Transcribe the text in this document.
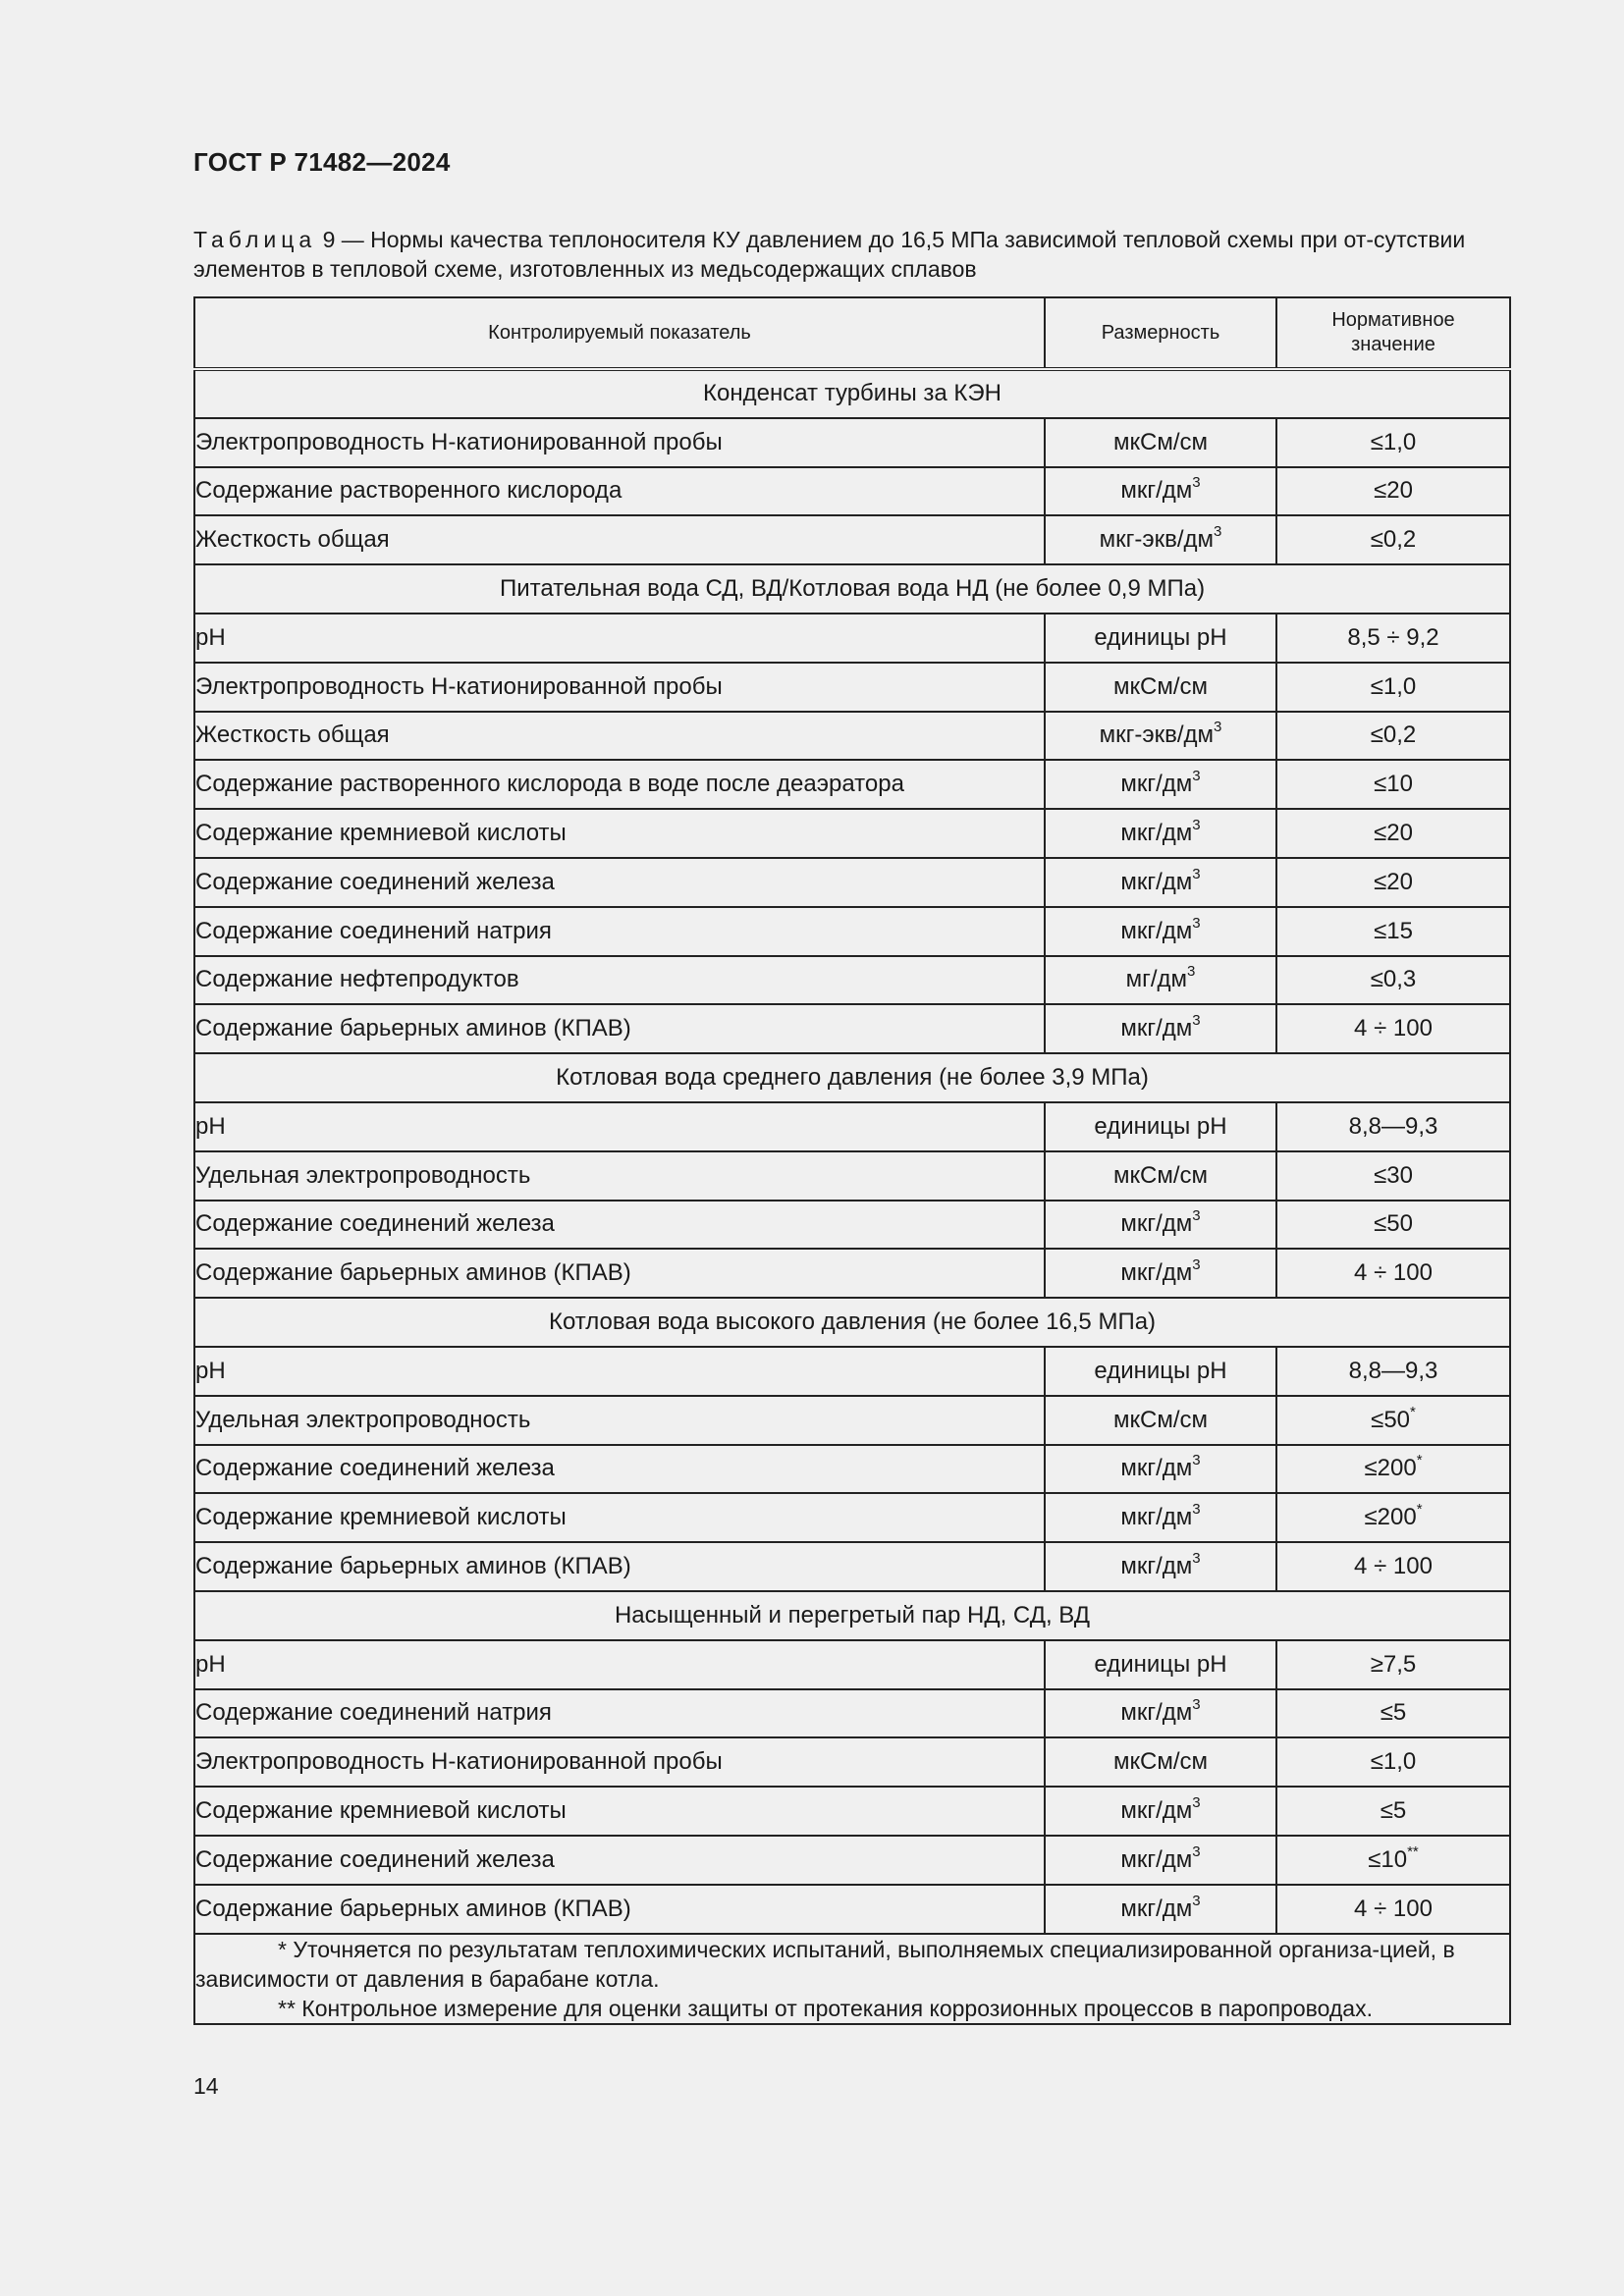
ГОСТ Р 71482—2024
Таблица 9 — Нормы качества теплоносителя КУ давлением до 16,5 МПа зависимой тепловой схемы при от-сутствии элементов в тепловой схеме, изготовленных из медьсодержащих сплавов
Контролируемый показатель	Размерность	Нормативное значение
Конденсат турбины за КЭН		
Электропроводность Н-катионированной пробы	мкСм/см	≤1,0
Содержание растворенного кислорода	мкг/$дм^3$	≤20
Жесткость общая	мкг-$экв/дм^3$	≤0,2
Питательная вода СД, ВД/Котловая вода НД (не более 0,9 МПа)		
pH	единицы pH	8,5 ÷ 9,2
Электропроводность Н-катионированной пробы	мкСм/см	≤1,0
Жесткость общая	мкг-$экв/дм^3$	≤0,2
Содержание растворенного кислорода в воде после деаэратора	мкг/$дм^3$	≤10
Содержание кремниевой кислоты	мкг/$дм^3$	≤20
Содержание соединений железа	мкг/$дм^3$	≤20
Содержание соединений натрия	мкг/$дм^3$	≤15
Содержание нефтепродуктов	$мг/дм^3$	≤0,3
Содержание барьерных аминов (КПАВ)	мкг/$дм^3$	4 ÷ 100
Котловая вода среднего давления (не более 3,9 МПа)		
pH	единицы pH	8,8—9,3
Удельная электропроводность	мкСм/см	≤30
Содержание соединений железа	мкг/$дм^3$	≤50
Содержание барьерных аминов (КПАВ)	мкг/$дм^3$	4 ÷ 100
Котловая вода высокого давления (не более 16,5 МПа)		
pH	единицы pH	8,8—9,3
Удельная электропроводность	мкСм/см	≤50*
Содержание соединений железа	мкг/$дм^3$	≤200*
Содержание кремниевой кислоты	мкг/$дм^3$	≤200*
Содержание барьерных аминов (КПАВ)	мкг/$дм^3$	4 ÷ 100
Насыщенный и перегретый пар НД, СД, ВД		
pH	единицы pH	≥7,5
Содержание соединений натрия	мкг/$дм^3$	≤5
Электропроводность Н-катионированной пробы	мкСм/см	≤1,0
Содержание кремниевой кислоты	мкг/$дм^3$	≤5
Содержание соединений железа	мкг/$дм^3$	≤10**
Содержание барьерных аминов (КПАВ)	мкг/$дм^3$	4 ÷ 100

* Уточняется по результатам теплохимических испытаний, выполняемых специализированной организа-цией, в зависимости от давления в барабане котла.
** Контрольное измерение для оценки защиты от протекания коррозионных процессов в паропроводах.		
14
